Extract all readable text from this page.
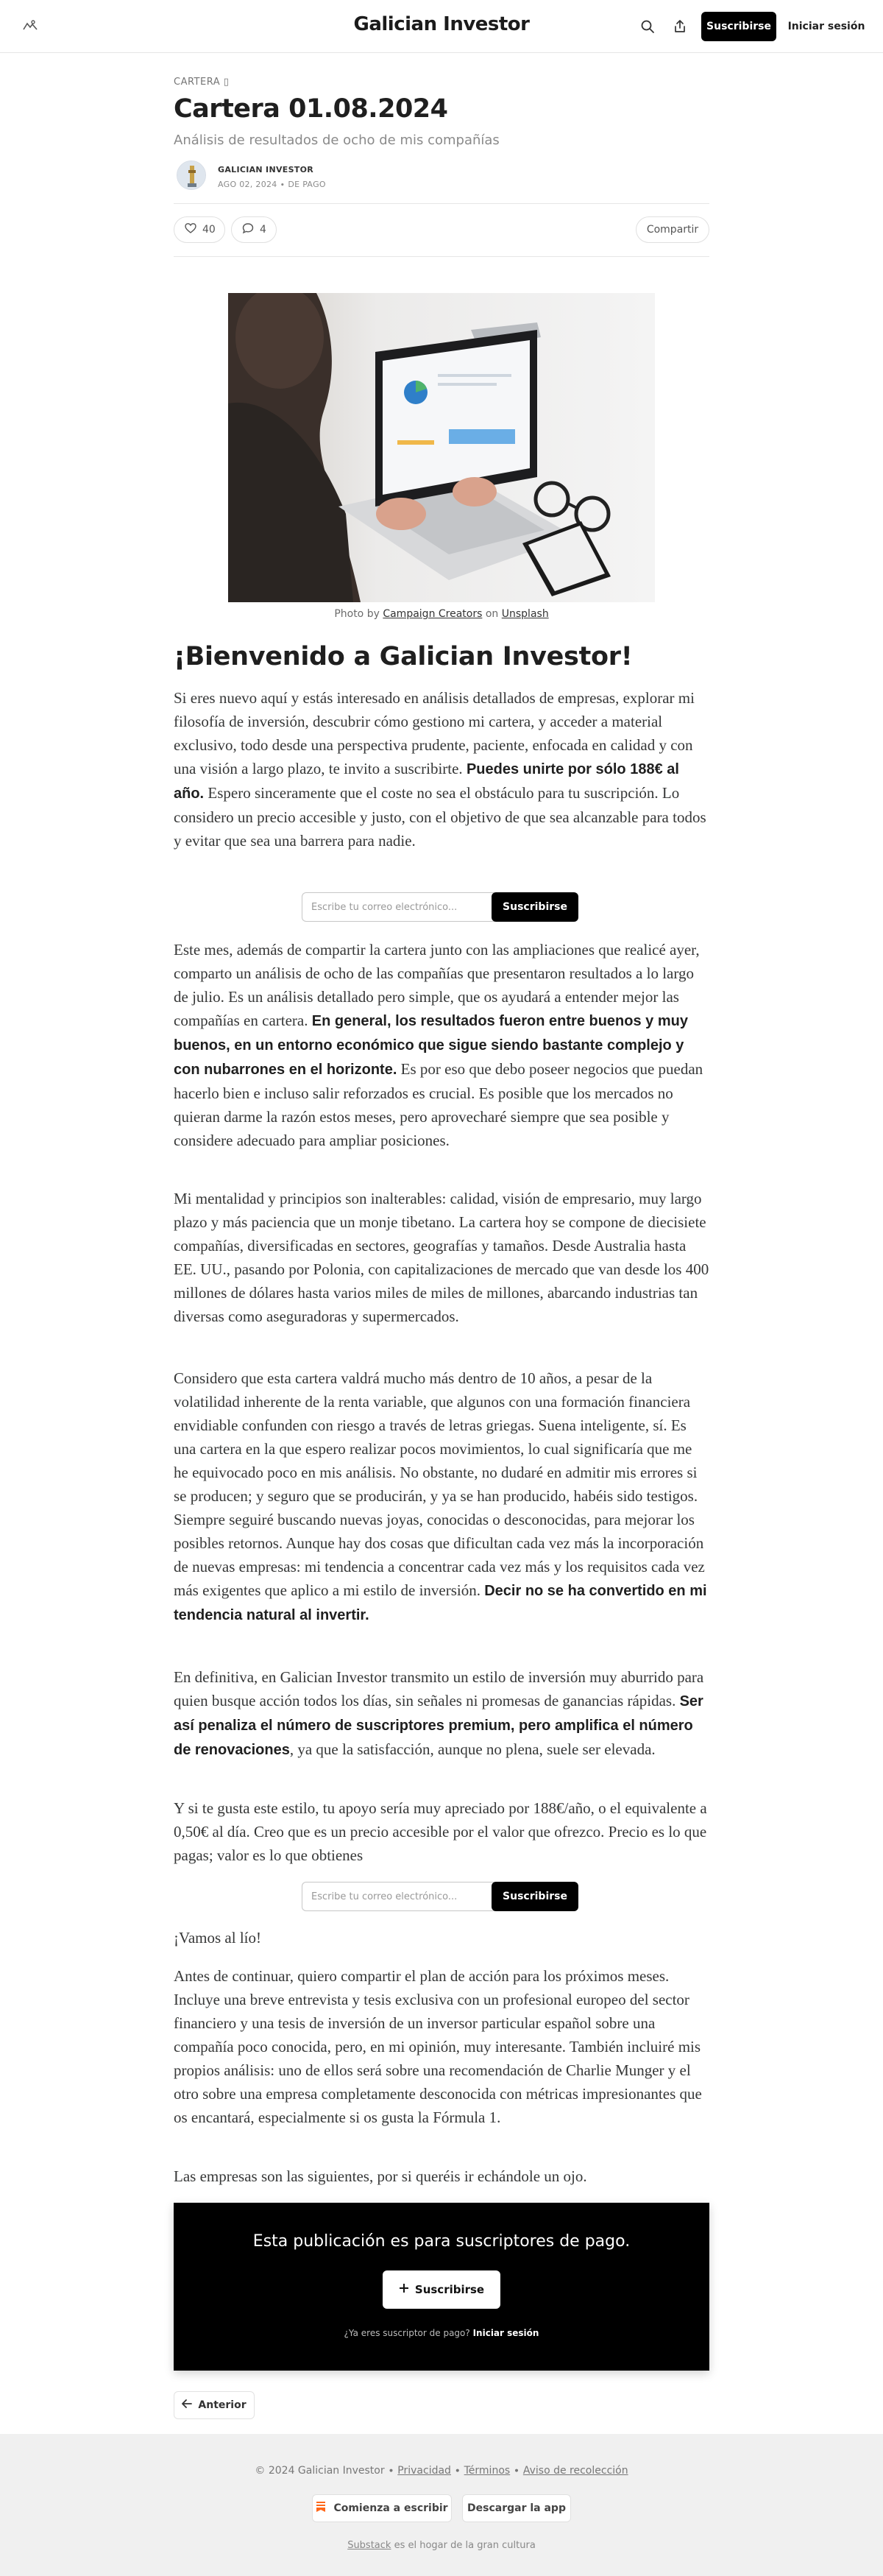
Galician Investor	Suscribirse	Iniciar sesión
CARTERA ▯
Cartera 01.08.2024
Análisis de resultados de ocho de mis compañías
GALICIAN INVESTOR
AGO 02, 2024 ∙ DE PAGO
40	4	Compartir
Photo by Campaign Creators on Unsplash
¡Bienvenido a Galician Investor!

Si eres nuevo aquí y estás interesado en análisis detallados de empresas, explorar mi filosofía de inversión, descubrir cómo gestiono mi cartera, y acceder a material exclusivo, todo desde una perspectiva prudente, paciente, enfocada en calidad y con una visión a largo plazo, te invito a suscribirte. Puedes unirte por sólo 188€ al año. Espero sinceramente que el coste no sea el obstáculo para tu suscripción. Lo considero un precio accesible y justo, con el objetivo de que sea alcanzable para todos y evitar que sea una barrera para nadie.

Escribe tu correo electrónico...	Suscribirse

Este mes, además de compartir la cartera junto con las ampliaciones que realicé ayer, comparto un análisis de ocho de las compañías que presentaron resultados a lo largo de julio. Es un análisis detallado pero simple, que os ayudará a entender mejor las compañías en cartera. En general, los resultados fueron entre buenos y muy buenos, en un entorno económico que sigue siendo bastante complejo y con nubarrones en el horizonte. Es por eso que debo poseer negocios que puedan hacerlo bien e incluso salir reforzados es crucial. Es posible que los mercados no quieran darme la razón estos meses, pero aprovecharé siempre que sea posible y considere adecuado para ampliar posiciones.

Mi mentalidad y principios son inalterables: calidad, visión de empresario, muy largo plazo y más paciencia que un monje tibetano. La cartera hoy se compone de diecisiete compañías, diversificadas en sectores, geografías y tamaños. Desde Australia hasta EE. UU., pasando por Polonia, con capitalizaciones de mercado que van desde los 400 millones de dólares hasta varios miles de miles de millones, abarcando industrias tan diversas como aseguradoras y supermercados.

Considero que esta cartera valdrá mucho más dentro de 10 años, a pesar de la volatilidad inherente de la renta variable, que algunos con una formación financiera envidiable confunden con riesgo a través de letras griegas. Suena inteligente, sí. Es una cartera en la que espero realizar pocos movimientos, lo cual significaría que me he equivocado poco en mis análisis. No obstante, no dudaré en admitir mis errores si se producen; y seguro que se producirán, y ya se han producido, habéis sido testigos. Siempre seguiré buscando nuevas joyas, conocidas o desconocidas, para mejorar los posibles retornos. Aunque hay dos cosas que dificultan cada vez más la incorporación de nuevas empresas: mi tendencia a concentrar cada vez más y los requisitos cada vez más exigentes que aplico a mi estilo de inversión. Decir no se ha convertido en mi tendencia natural al invertir.

En definitiva, en Galician Investor transmito un estilo de inversión muy aburrido para quien busque acción todos los días, sin señales ni promesas de ganancias rápidas. Ser así penaliza el número de suscriptores premium, pero amplifica el número de renovaciones, ya que la satisfacción, aunque no plena, suele ser elevada.

Y si te gusta este estilo, tu apoyo sería muy apreciado por 188€/año, o el equivalente a 0,50€ al día. Creo que es un precio accesible por el valor que ofrezco. Precio es lo que pagas; valor es lo que obtienes

Escribe tu correo electrónico...	Suscribirse

¡Vamos al lío!

Antes de continuar, quiero compartir el plan de acción para los próximos meses. Incluye una breve entrevista y tesis exclusiva con un profesional europeo del sector financiero y una tesis de inversión de un inversor particular español sobre una compañía poco conocida, pero, en mi opinión, muy interesante. También incluiré mis propios análisis: uno de ellos será sobre una recomendación de Charlie Munger y el otro sobre una empresa completamente desconocida con métricas impresionantes que os encantará, especialmente si os gusta la Fórmula 1.

Las empresas son las siguientes, por si queréis ir echándole un ojo.

Esta publicación es para suscriptores de pago.
Suscribirse
¿Ya eres suscriptor de pago? Iniciar sesión
Anterior
© 2024 Galician Investor ∙ Privacidad ∙ Términos ∙ Aviso de recolección
Comienza a escribir	Descargar la app
Substack es el hogar de la gran cultura
